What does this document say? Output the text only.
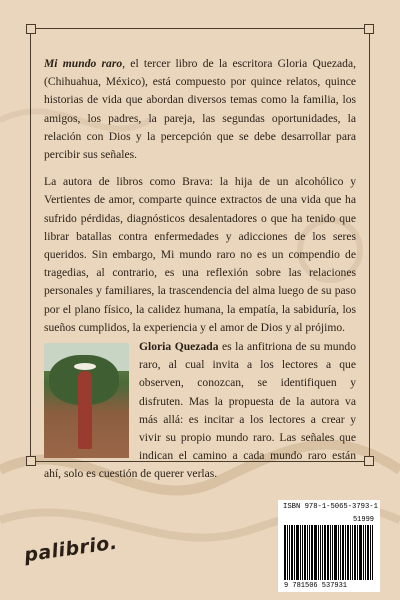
Mi mundo raro, el tercer libro de la escritora Gloria Quezada, (Chihuahua, México), está compuesto por quince relatos, quince historias de vida que abordan diversos temas como la familia, los amigos, los padres, la pareja, las segundas oportunidades, la relación con Dios y la percepción que se debe desarrollar para percibir sus señales.

La autora de libros como Brava: la hija de un alcohólico y Vertientes de amor, comparte quince extractos de una vida que ha sufrido pérdidas, diagnósticos desalentadores o que ha tenido que librar batallas contra enfermedades y adicciones de los seres queridos. Sin embargo, Mi mundo raro no es un compendio de tragedias, al contrario, es una reflexión sobre las relaciones personales y familiares, la trascendencia del alma luego de su paso por el plano físico, la calidez humana, la empatía, la sabiduría, los sueños cumplidos, la experiencia y el amor de Dios y al prójimo.

Gloria Quezada es la anfitriona de su mundo raro, al cual invita a los lectores a que observen, conozcan, se identifiquen y disfruten. Mas la propuesta de la autora va más allá: es incitar a los lectores a crear y vivir su propio mundo raro. Las señales que indican el camino a cada mundo raro están ahí, solo es cuestión de querer verlas.
palibrio.
ISBN 978-1-5065-3793-1
51999
9 781506 537931
